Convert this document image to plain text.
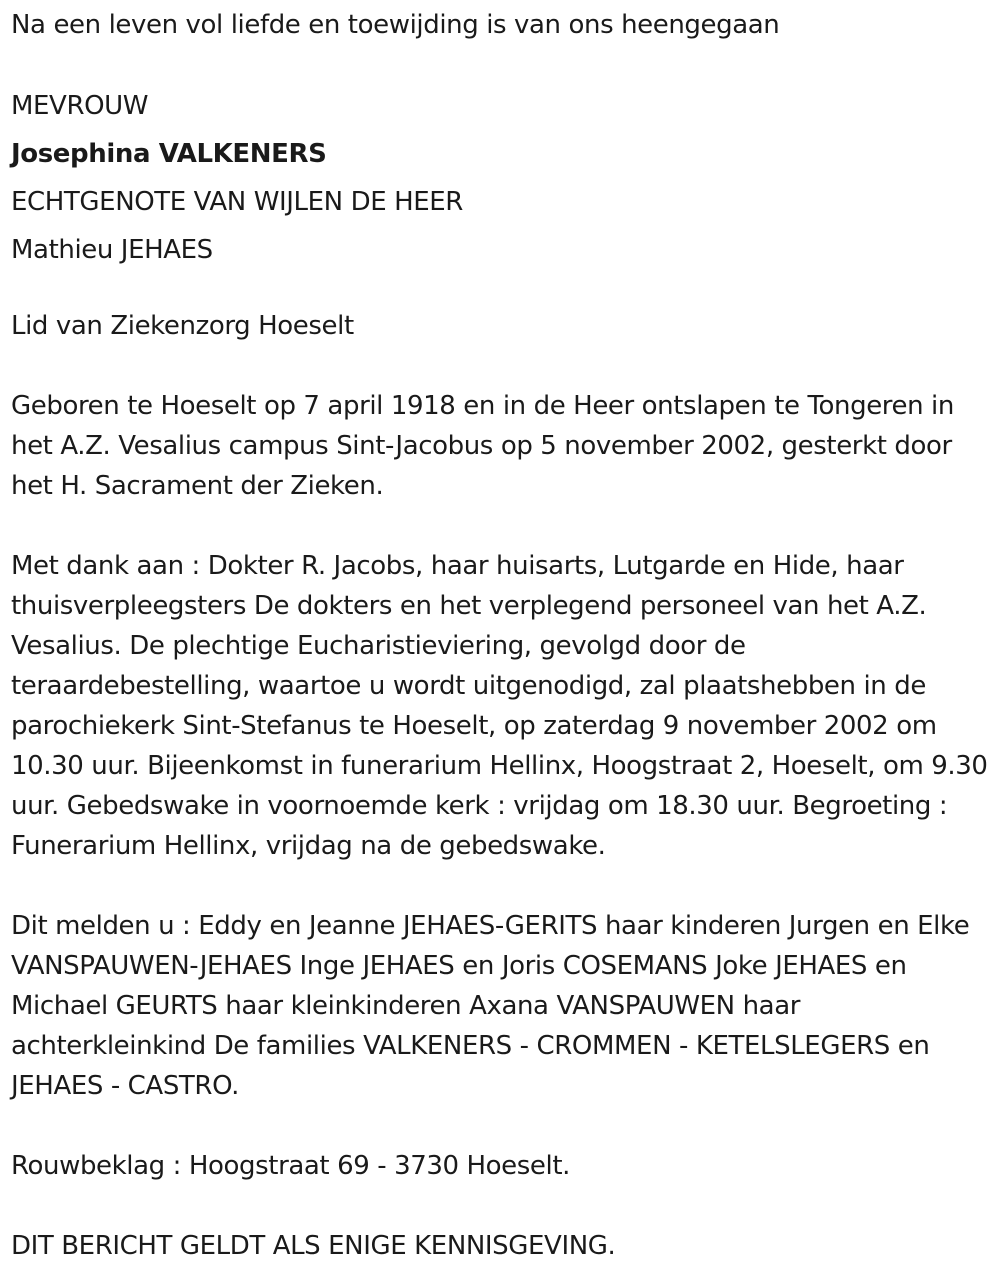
Na een leven vol liefde en toewijding is van ons heengegaan

MEVROUW

Josephina VALKENERS

ECHTGENOTE VAN WIJLEN DE HEER

Mathieu JEHAES

Lid van Ziekenzorg Hoeselt

Geboren te Hoeselt op 7 april 1918 en in de Heer ontslapen te Tongeren in het A.Z. Vesalius campus Sint-Jacobus op 5 november 2002, gesterkt door het H. Sacrament der Zieken.

Met dank aan : Dokter R. Jacobs, haar huisarts, Lutgarde en Hide, haar thuisverpleegsters De dokters en het verplegend personeel van het A.Z. Vesalius. De plechtige Eucharistieviering, gevolgd door de teraardebestelling, waartoe u wordt uitgenodigd, zal plaatshebben in de parochiekerk Sint-Stefanus te Hoeselt, op zaterdag 9 november 2002 om 10.30 uur. Bijeenkomst in funerarium Hellinx, Hoogstraat 2, Hoeselt, om 9.30 uur. Gebedswake in voornoemde kerk : vrijdag om 18.30 uur. Begroeting : Funerarium Hellinx, vrijdag na de gebedswake.

Dit melden u : Eddy en Jeanne JEHAES-GERITS haar kinderen Jurgen en Elke VANSPAUWEN-JEHAES Inge JEHAES en Joris COSEMANS Joke JEHAES en Michael GEURTS haar kleinkinderen Axana VANSPAUWEN haar achterkleinkind De families VALKENERS - CROMMEN - KETELSLEGERS en JEHAES - CASTRO.

Rouwbeklag : Hoogstraat 69 - 3730 Hoeselt.

DIT BERICHT GELDT ALS ENIGE KENNISGEVING.
